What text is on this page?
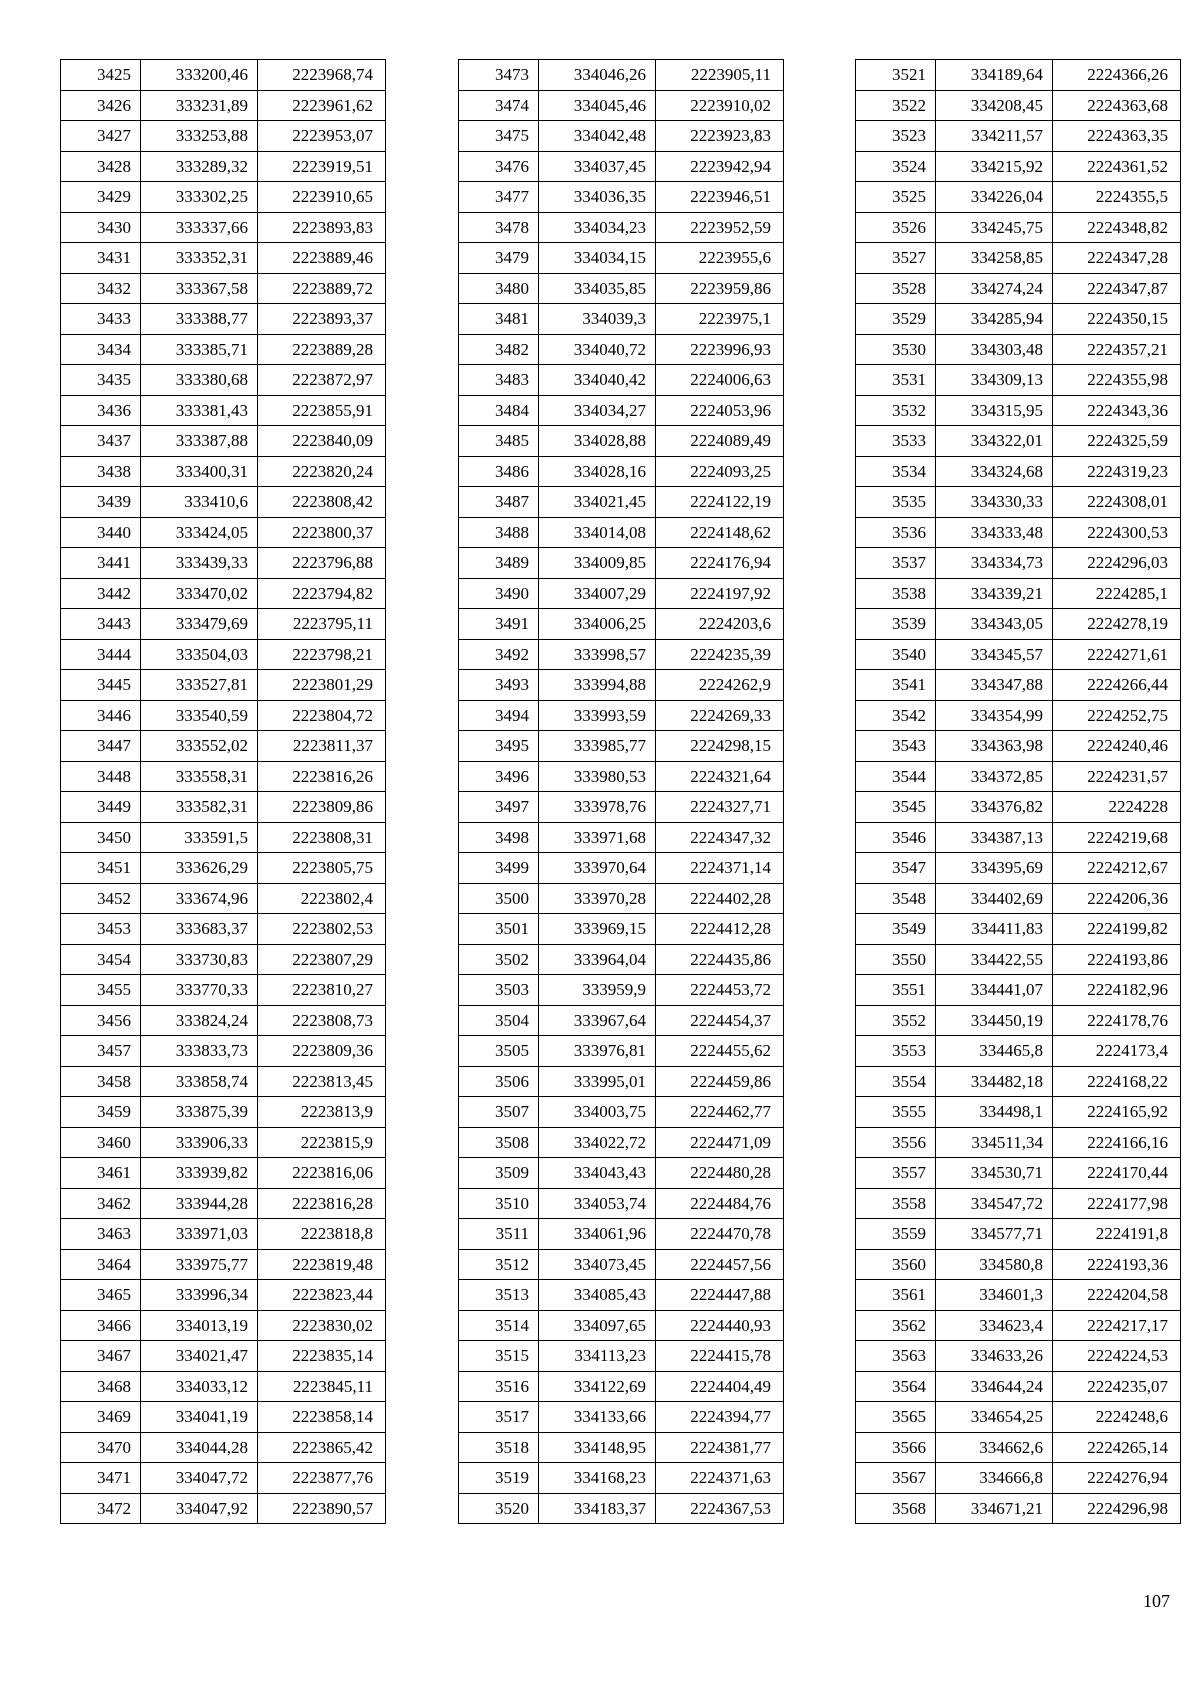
3425	333200,46	2223968,74
3426	333231,89	2223961,62
3427	333253,88	2223953,07
3428	333289,32	2223919,51
3429	333302,25	2223910,65
3430	333337,66	2223893,83
3431	333352,31	2223889,46
3432	333367,58	2223889,72
3433	333388,77	2223893,37
3434	333385,71	2223889,28
3435	333380,68	2223872,97
3436	333381,43	2223855,91
3437	333387,88	2223840,09
3438	333400,31	2223820,24
3439	333410,6	2223808,42
3440	333424,05	2223800,37
3441	333439,33	2223796,88
3442	333470,02	2223794,82
3443	333479,69	2223795,11
3444	333504,03	2223798,21
3445	333527,81	2223801,29
3446	333540,59	2223804,72
3447	333552,02	2223811,37
3448	333558,31	2223816,26
3449	333582,31	2223809,86
3450	333591,5	2223808,31
3451	333626,29	2223805,75
3452	333674,96	2223802,4
3453	333683,37	2223802,53
3454	333730,83	2223807,29
3455	333770,33	2223810,27
3456	333824,24	2223808,73
3457	333833,73	2223809,36
3458	333858,74	2223813,45
3459	333875,39	2223813,9
3460	333906,33	2223815,9
3461	333939,82	2223816,06
3462	333944,28	2223816,28
3463	333971,03	2223818,8
3464	333975,77	2223819,48
3465	333996,34	2223823,44
3466	334013,19	2223830,02
3467	334021,47	2223835,14
3468	334033,12	2223845,11
3469	334041,19	2223858,14
3470	334044,28	2223865,42
3471	334047,72	2223877,76
3472	334047,92	2223890,57
3473	334046,26	2223905,11
3474	334045,46	2223910,02
3475	334042,48	2223923,83
3476	334037,45	2223942,94
3477	334036,35	2223946,51
3478	334034,23	2223952,59
3479	334034,15	2223955,6
3480	334035,85	2223959,86
3481	334039,3	2223975,1
3482	334040,72	2223996,93
3483	334040,42	2224006,63
3484	334034,27	2224053,96
3485	334028,88	2224089,49
3486	334028,16	2224093,25
3487	334021,45	2224122,19
3488	334014,08	2224148,62
3489	334009,85	2224176,94
3490	334007,29	2224197,92
3491	334006,25	2224203,6
3492	333998,57	2224235,39
3493	333994,88	2224262,9
3494	333993,59	2224269,33
3495	333985,77	2224298,15
3496	333980,53	2224321,64
3497	333978,76	2224327,71
3498	333971,68	2224347,32
3499	333970,64	2224371,14
3500	333970,28	2224402,28
3501	333969,15	2224412,28
3502	333964,04	2224435,86
3503	333959,9	2224453,72
3504	333967,64	2224454,37
3505	333976,81	2224455,62
3506	333995,01	2224459,86
3507	334003,75	2224462,77
3508	334022,72	2224471,09
3509	334043,43	2224480,28
3510	334053,74	2224484,76
3511	334061,96	2224470,78
3512	334073,45	2224457,56
3513	334085,43	2224447,88
3514	334097,65	2224440,93
3515	334113,23	2224415,78
3516	334122,69	2224404,49
3517	334133,66	2224394,77
3518	334148,95	2224381,77
3519	334168,23	2224371,63
3520	334183,37	2224367,53
3521	334189,64	2224366,26
3522	334208,45	2224363,68
3523	334211,57	2224363,35
3524	334215,92	2224361,52
3525	334226,04	2224355,5
3526	334245,75	2224348,82
3527	334258,85	2224347,28
3528	334274,24	2224347,87
3529	334285,94	2224350,15
3530	334303,48	2224357,21
3531	334309,13	2224355,98
3532	334315,95	2224343,36
3533	334322,01	2224325,59
3534	334324,68	2224319,23
3535	334330,33	2224308,01
3536	334333,48	2224300,53
3537	334334,73	2224296,03
3538	334339,21	2224285,1
3539	334343,05	2224278,19
3540	334345,57	2224271,61
3541	334347,88	2224266,44
3542	334354,99	2224252,75
3543	334363,98	2224240,46
3544	334372,85	2224231,57
3545	334376,82	2224228
3546	334387,13	2224219,68
3547	334395,69	2224212,67
3548	334402,69	2224206,36
3549	334411,83	2224199,82
3550	334422,55	2224193,86
3551	334441,07	2224182,96
3552	334450,19	2224178,76
3553	334465,8	2224173,4
3554	334482,18	2224168,22
3555	334498,1	2224165,92
3556	334511,34	2224166,16
3557	334530,71	2224170,44
3558	334547,72	2224177,98
3559	334577,71	2224191,8
3560	334580,8	2224193,36
3561	334601,3	2224204,58
3562	334623,4	2224217,17
3563	334633,26	2224224,53
3564	334644,24	2224235,07
3565	334654,25	2224248,6
3566	334662,6	2224265,14
3567	334666,8	2224276,94
3568	334671,21	2224296,98
107
